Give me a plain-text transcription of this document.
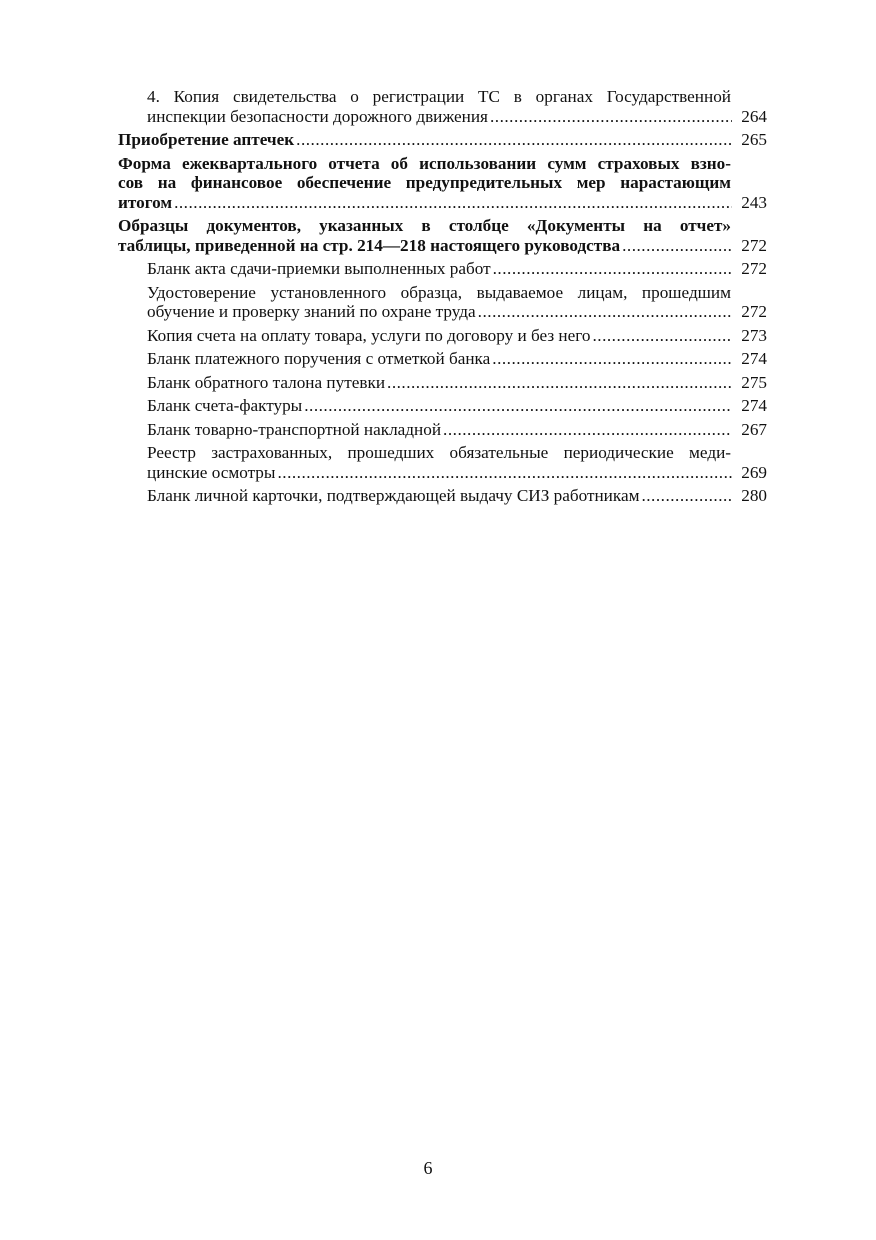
4. Копия свидетельства о регистрации ТС в органах Государственной
инспекции безопасности дорожного движения .....	264
Приобретение аптечек .....	265
Форма ежеквартального отчета об использовании сумм страховых взно-
сов на финансовое обеспечение предупредительных мер нарастающим
итогом .....	243
Образцы документов, указанных в столбце «Документы на отчет»
таблицы, приведенной на стр. 214—218 настоящего руководства .....	272
Бланк акта сдачи-приемки выполненных работ .....	272
Удостоверение установленного образца, выдаваемое лицам, прошедшим
обучение и проверку знаний по охране труда .....	272
Копия счета на оплату товара, услуги по договору и без него .....	273
Бланк платежного поручения с отметкой банка .....	274
Бланк обратного талона путевки .....	275
Бланк счета-фактуры .....	274
Бланк товарно-транспортной накладной .....	267
Реестр застрахованных, прошедших обязательные периодические меди-
цинские осмотры .....	269
Бланк личной карточки, подтверждающей выдачу СИЗ работникам .....	280
6
